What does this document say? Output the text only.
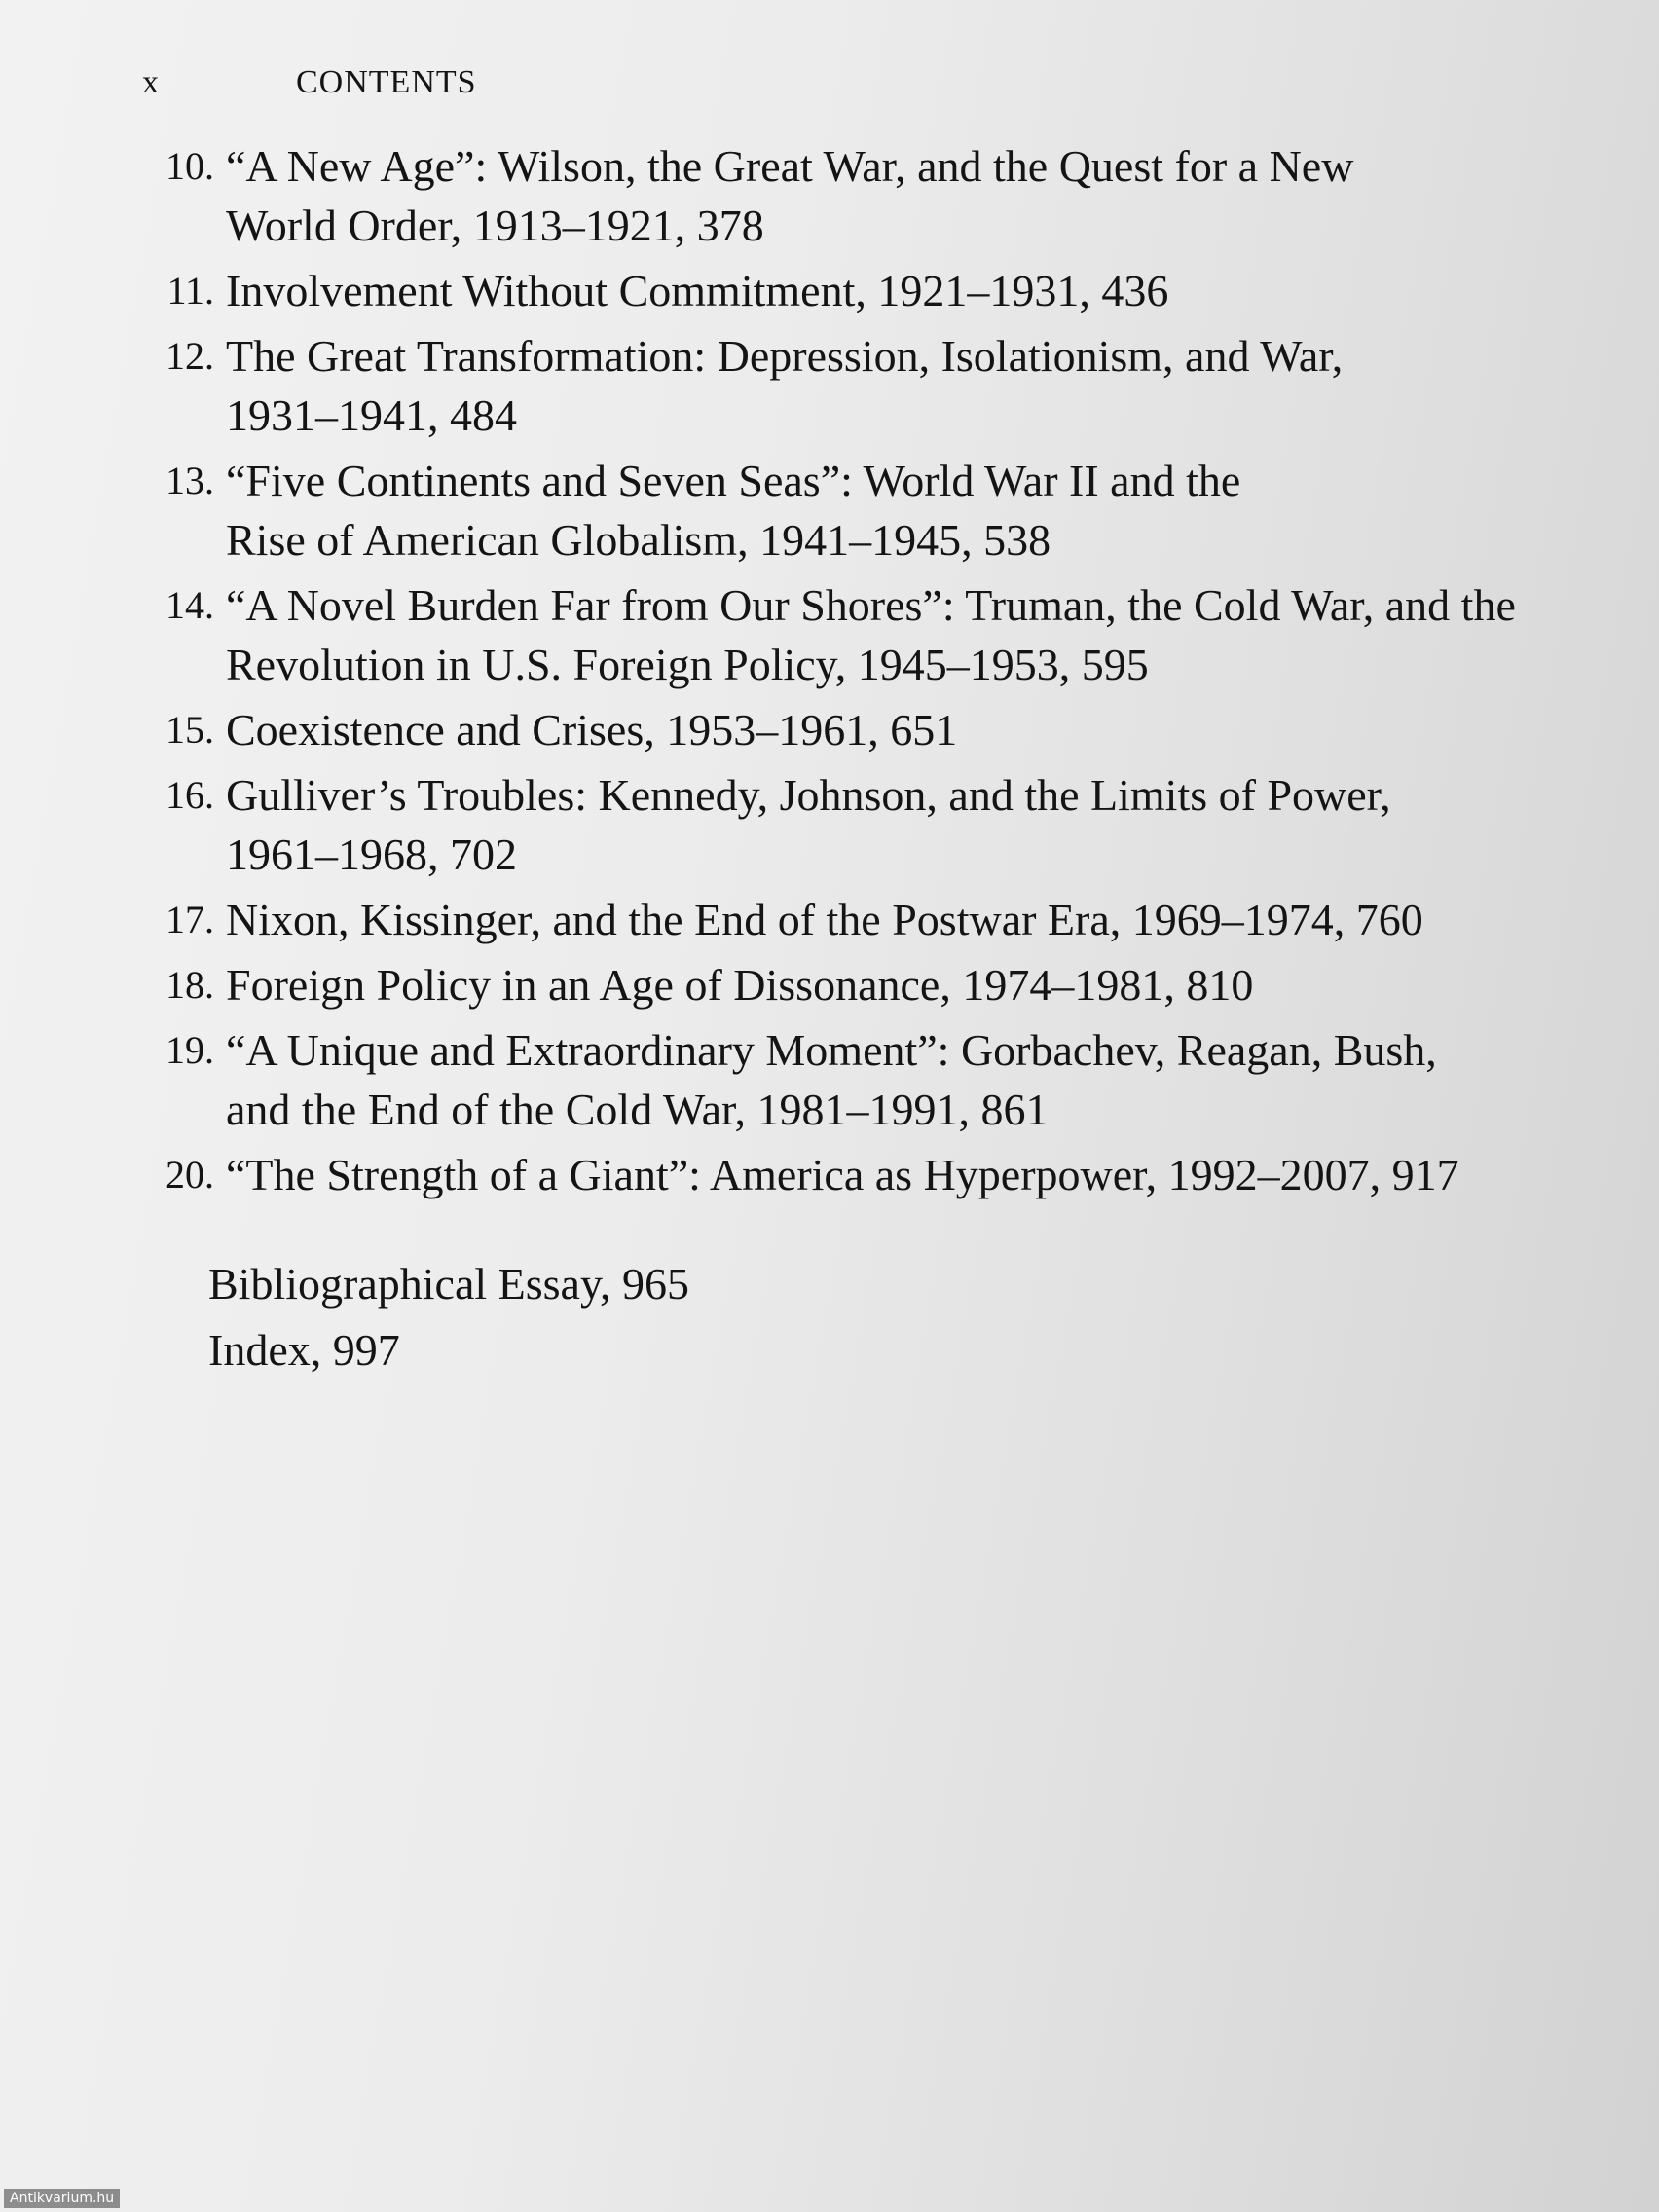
x	CONTENTS
10. “A New Age”: Wilson, the Great War, and the Quest for a New World Order, 1913–1921, 378
11. Involvement Without Commitment, 1921–1931, 436
12. The Great Transformation: Depression, Isolationism, and War, 1931–1941, 484
13. “Five Continents and Seven Seas”: World War II and the Rise of American Globalism, 1941–1945, 538
14. “A Novel Burden Far from Our Shores”: Truman, the Cold War, and the Revolution in U.S. Foreign Policy, 1945–1953, 595
15. Coexistence and Crises, 1953–1961, 651
16. Gulliver’s Troubles: Kennedy, Johnson, and the Limits of Power, 1961–1968, 702
17. Nixon, Kissinger, and the End of the Postwar Era, 1969–1974, 760
18. Foreign Policy in an Age of Dissonance, 1974–1981, 810
19. “A Unique and Extraordinary Moment”: Gorbachev, Reagan, Bush, and the End of the Cold War, 1981–1991, 861
20. “The Strength of a Giant”: America as Hyperpower, 1992–2007, 917
Bibliographical Essay, 965
Index, 997
Antikvarium.hu
